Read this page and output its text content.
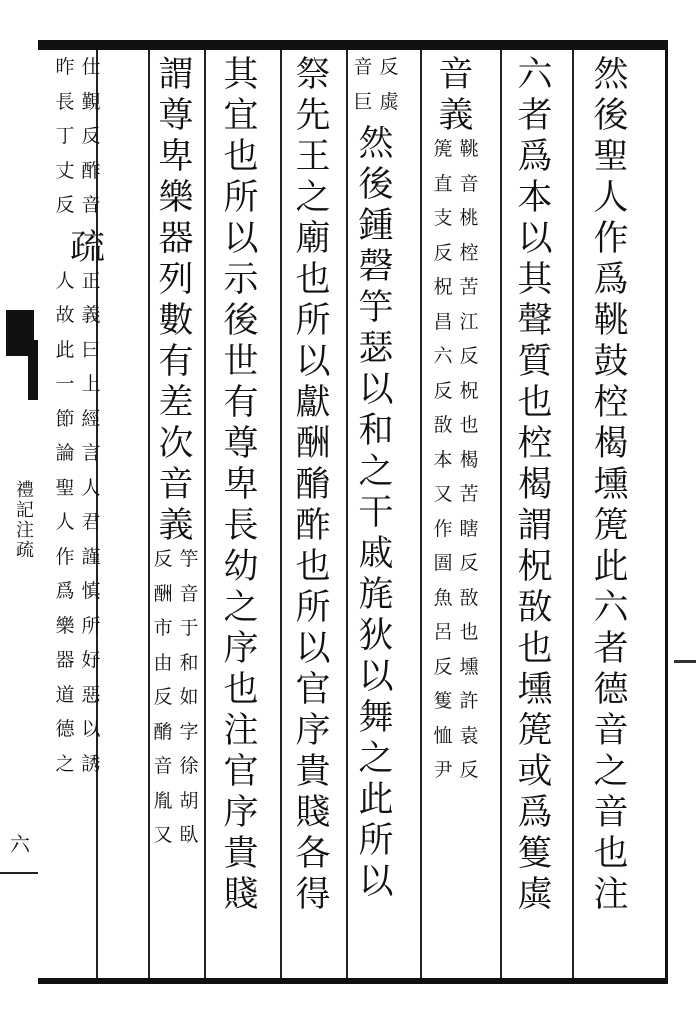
禮記注疏
六
然
後
聖
人
作
爲
鞉
鼓
椌
楬
壎
箎
此
六
者
德
音
之
音
也
注
六
者
爲
本
以
其
聲
質
也
椌
楬
謂
柷
敔
也
壎
箎
或
爲
篗
虡
音
義
箎
直
支
反
柷
昌
六
反
敔
本
又
作
圄
魚
呂
反
篗
恤
尹
鞉
音
桃
椌
苦
江
反
柷
也
楬
苦
瞎
反
敔
也
壎
許
袁
反
音
巨
反
虡
然
後
鍾
磬
竽
瑟
以
和
之
干
戚
旄
狄
以
舞
之
此
所
以
祭
先
王
之
廟
也
所
以
獻
酬
酳
酢
也
所
以
官
序
貴
賤
各
得
其
宜
也
所
以
示
後
世
有
尊
卑
長
幼
之
序
也
注
官
序
貴
賤
謂
尊
卑
樂
器
列
數
有
差
次
音
義
反
酬
市
由
反
酳
音
胤
又
竽
音
于
和
如
字
徐
胡
臥
昨
長
丁
丈
反
仕
覲
反
酢
音
疏
人
故
此
一
節
論
聖
人
作
爲
樂
器
道
德
之
正
義
曰
上
經
言
人
君
謹
慎
所
好
惡
以
誘
